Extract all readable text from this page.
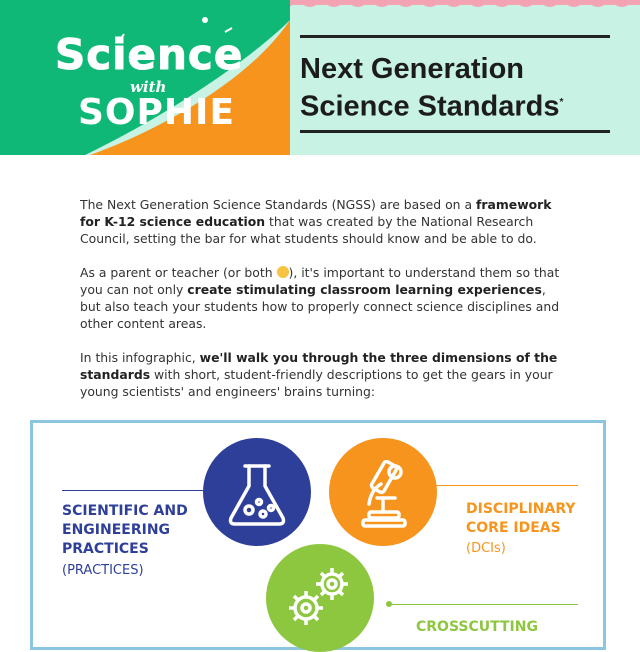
Science
with
SOPHIE
Next Generation
Science Standards*

The Next Generation Science Standards (NGSS) are based on a framework for K-12 science education that was created by the National Research Council, setting the bar for what students should know and be able to do.

As a parent or teacher (or both ), it's important to understand them so that you can not only create stimulating classroom learning experiences, but also teach your students how to properly connect science disciplines and other content areas.

In this infographic, we'll walk you through the three dimensions of the standards with short, student-friendly descriptions to get the gears in your young scientists' and engineers' brains turning:

SCIENTIFIC AND
ENGINEERING
PRACTICES
(PRACTICES)
DISCIPLINARY
CORE IDEAS
(DCIs)
CROSSCUTTING
